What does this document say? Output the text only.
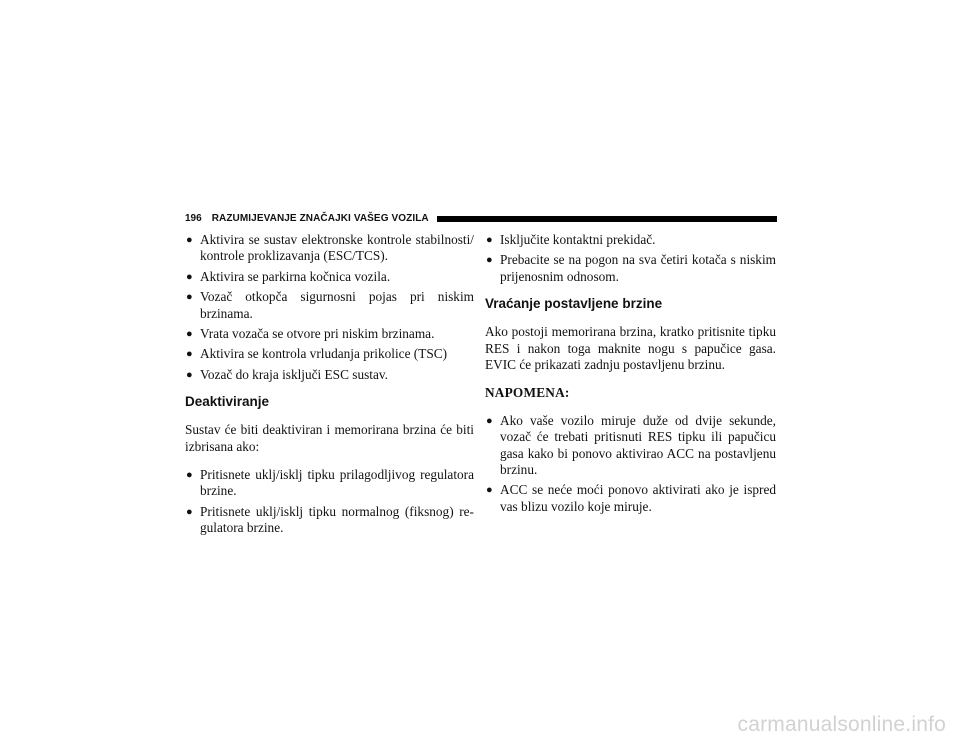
196 RAZUMIJEVANJE ZNAČAJKI VAŠEG VOZILA
● Aktivira se sustav elektronske kontrole stabilnosti/ kontrole proklizavanja (ESC/TCS).
● Aktivira se parkirna kočnica vozila.
● Vozač otkopča sigurnosni pojas pri niskim brzinama.
● Vrata vozača se otvore pri niskim brzinama.
● Aktivira se kontrola vrludanja prikolice (TSC)
● Vozač do kraja isključi ESC sustav.
Deaktiviranje

Sustav će biti deaktiviran i memorirana brzina će biti izbrisana ako:

● Pritisnete uklj/isklj tipku prilagodljivog regulatora brzine.
● Pritisnete uklj/isklj tipku normalnog (fiksnog) re- gulatora brzine.
● Isključite kontaktni prekidač.
● Prebacite se na pogon na sva četiri kotača s niskim prijenosnim odnosom.
Vraćanje postavljene brzine

Ako postoji memorirana brzina, kratko pritisnite tipku RES i nakon toga maknite nogu s papučice gasa. EVIC će prikazati zadnju postavljenu brzinu.

NAPOMENA:

● Ako vaše vozilo miruje duže od dvije sekunde, vozač će trebati pritisnuti RES tipku ili papučicu gasa kako bi ponovo aktivirao ACC na postavljenu brzinu.
● ACC se neće moći ponovo aktivirati ako je ispred vas blizu vozilo koje miruje.
carmanualsonline.info
